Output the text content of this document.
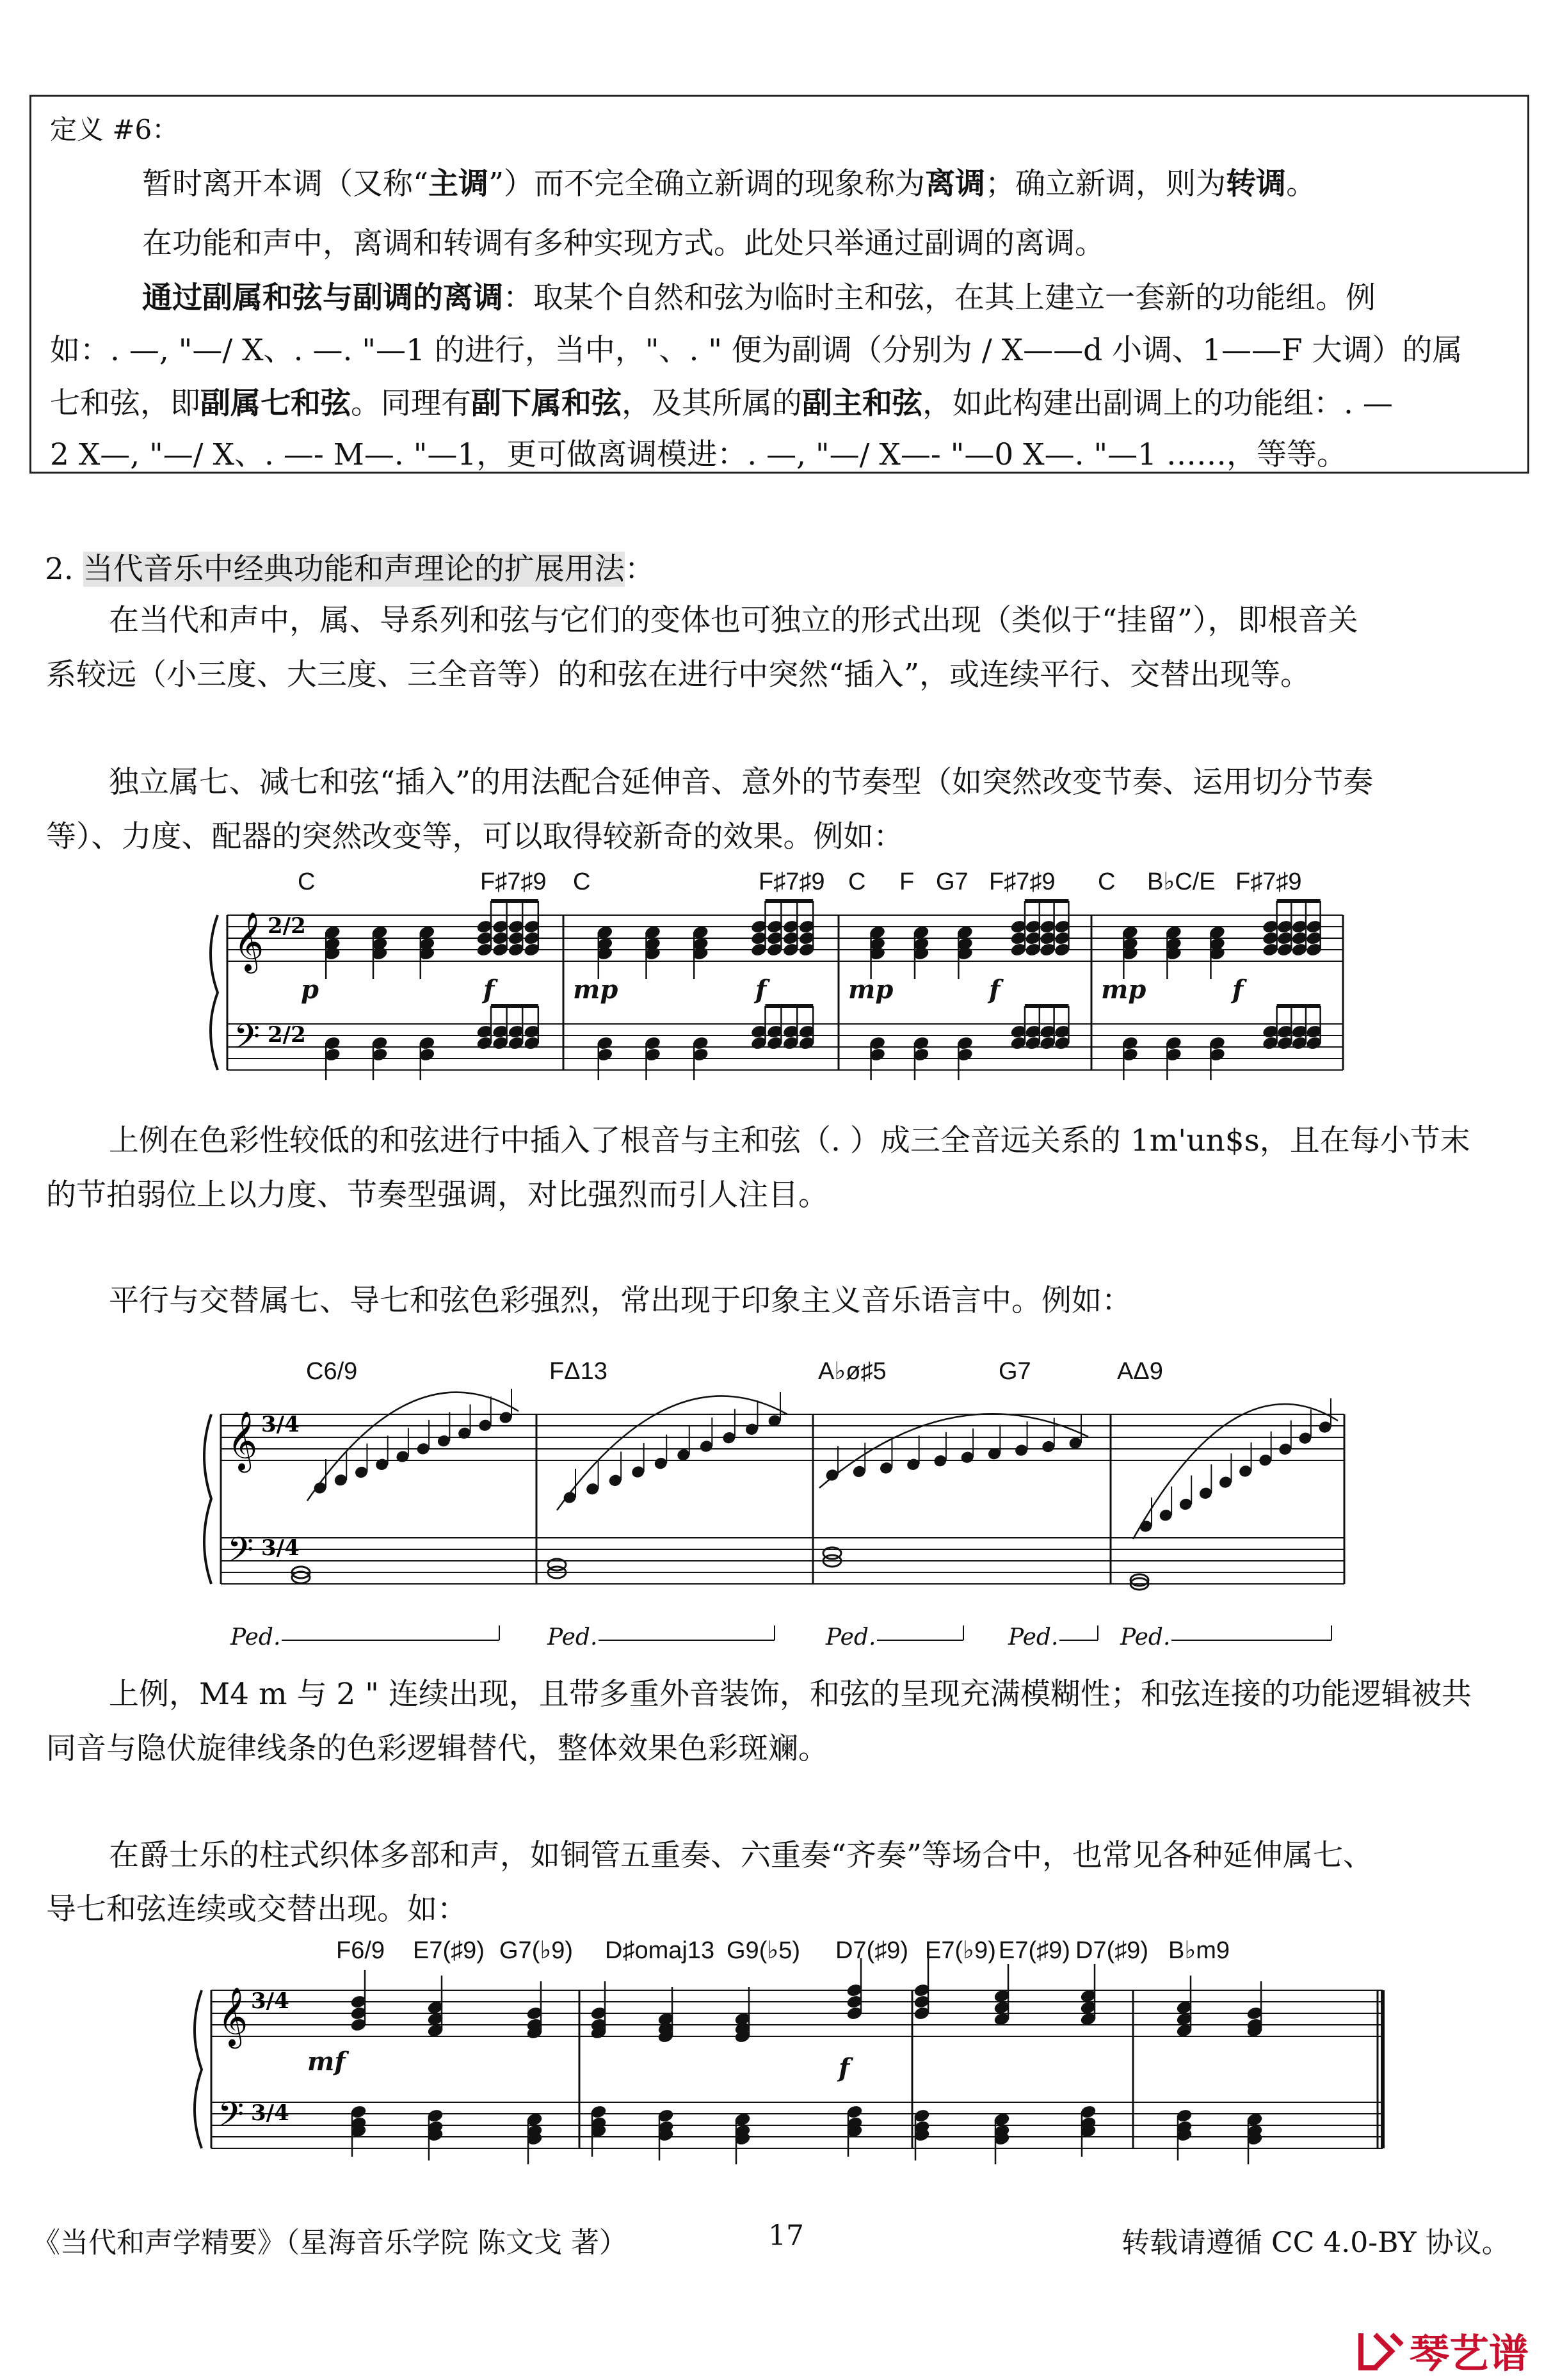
定义 #6：
暂时离开本调（又称“主调”）而不完全确立新调的现象称为离调；确立新调，则为转调。
在功能和声中，离调和转调有多种实现方式。此处只举通过副调的离调。
通过副属和弦与副调的离调：取某个自然和弦为临时主和弦，在其上建立一套新的功能组。例
如：. —, "—/ X、. —. "—1 的进行，当中，"、. " 便为副调（分别为 / X——d 小调、1——F 大调）的属
七和弦，即副属七和弦。同理有副下属和弦，及其所属的副主和弦，如此构建出副调上的功能组：. —
2 X—, "—/ X、. —- M—. "—1，更可做离调模进：. —, "—/ X—- "—0 X—. "—1 ……，等等。
2. 当代音乐中经典功能和声理论的扩展用法：
在当代和声中，属、导系列和弦与它们的变体也可独立的形式出现（类似于“挂留”），即根音关
系较远（小三度、大三度、三全音等）的和弦在进行中突然“插入”，或连续平行、交替出现等。
独立属七、减七和弦“插入”的用法配合延伸音、意外的节奏型（如突然改变节奏、运用切分节奏
等）、力度、配器的突然改变等，可以取得较新奇的效果。例如：
𝄞
𝄢
2/2
2/2
C	F♯7♯9 C	F♯7♯9 C F G7 F♯7♯9 C B♭C/E F♯7♯9
p	f	mp	f	mp	f	mp	f
上例在色彩性较低的和弦进行中插入了根音与主和弦（. ）成三全音远关系的 1m'un$s，且在每小节末
的节拍弱位上以力度、节奏型强调，对比强烈而引人注目。
平行与交替属七、导七和弦色彩强烈，常出现于印象主义音乐语言中。例如：
𝄞
𝄢
3/4
3/4
C6/9	FΔ13	A♭ø♯5	G7	AΔ9
Ped.	Ped.	Ped.	Ped.	Ped.
上例，M4 m 与 2 " 连续出现，且带多重外音装饰，和弦的呈现充满模糊性；和弦连接的功能逻辑被共
同音与隐伏旋律线条的色彩逻辑替代，整体效果色彩斑斓。
在爵士乐的柱式织体多部和声，如铜管五重奏、六重奏“齐奏”等场合中，也常见各种延伸属七、
导七和弦连续或交替出现。如：
𝄞
𝄢
3/4
3/4
F6/9 E7(♯9) G7(♭9) D♯omaj13 G9(♭5) D7(♯9) E7(♭9) E7(♯9) D7(♯9) B♭m9
mf	f
《当代和声学精要》（星海音乐学院 陈文戈 著）	17	转载请遵循 CC 4.0-BY 协议。
琴艺谱
